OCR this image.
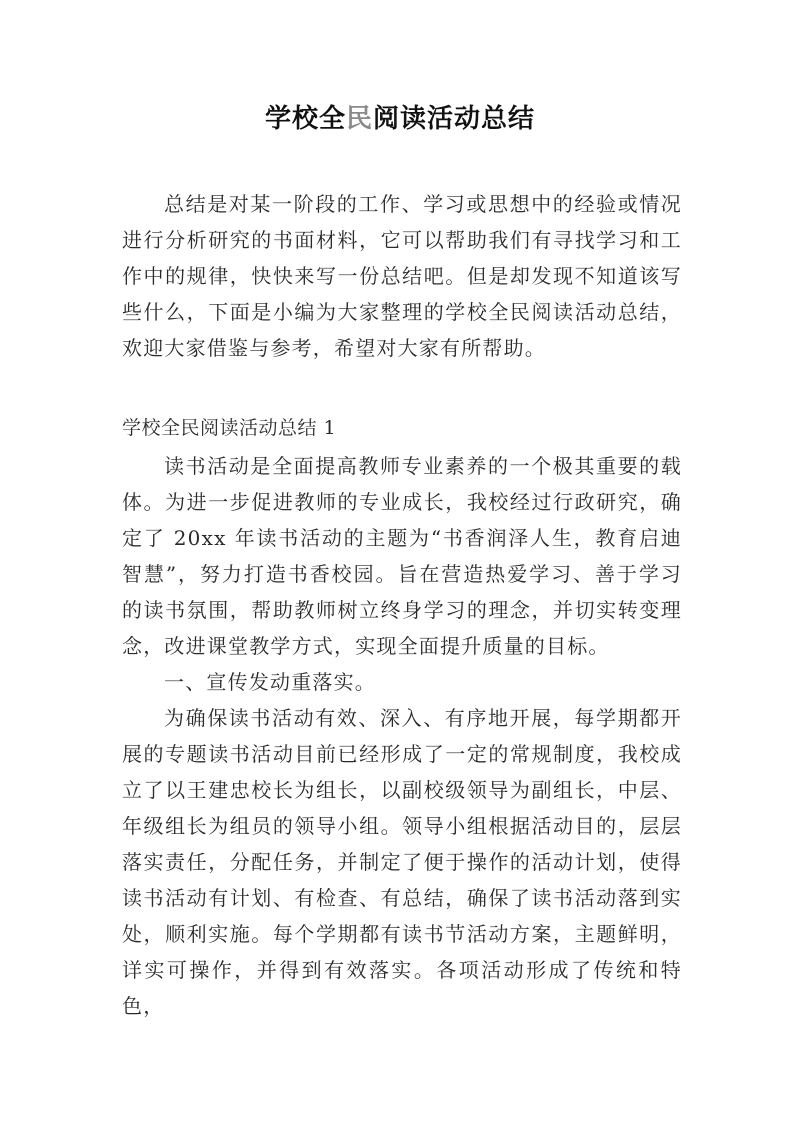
学校全民阅读活动总结
总结是对某一阶段的工作、学习或思想中的经验或情况进行分析研究的书面材料，它可以帮助我们有寻找学习和工作中的规律，快快来写一份总结吧。但是却发现不知道该写些什么，下面是小编为大家整理的学校全民阅读活动总结，欢迎大家借鉴与参考，希望对大家有所帮助。
学校全民阅读活动总结 1

读书活动是全面提高教师专业素养的一个极其重要的载体。为进一步促进教师的专业成长，我校经过行政研究，确定了 20xx 年读书活动的主题为“书香润泽人生，教育启迪智慧”，努力打造书香校园。旨在营造热爱学习、善于学习的读书氛围，帮助教师树立终身学习的理念，并切实转变理念，改进课堂教学方式，实现全面提升质量的目标。

一、宣传发动重落实。

为确保读书活动有效、深入、有序地开展，每学期都开展的专题读书活动目前已经形成了一定的常规制度，我校成立了以王建忠校长为组长，以副校级领导为副组长，中层、年级组长为组员的领导小组。领导小组根据活动目的，层层落实责任，分配任务，并制定了便于操作的活动计划，使得读书活动有计划、有检查、有总结，确保了读书活动落到实处，顺利实施。每个学期都有读书节活动方案，主题鲜明，详实可操作，并得到有效落实。各项活动形成了传统和特色，
